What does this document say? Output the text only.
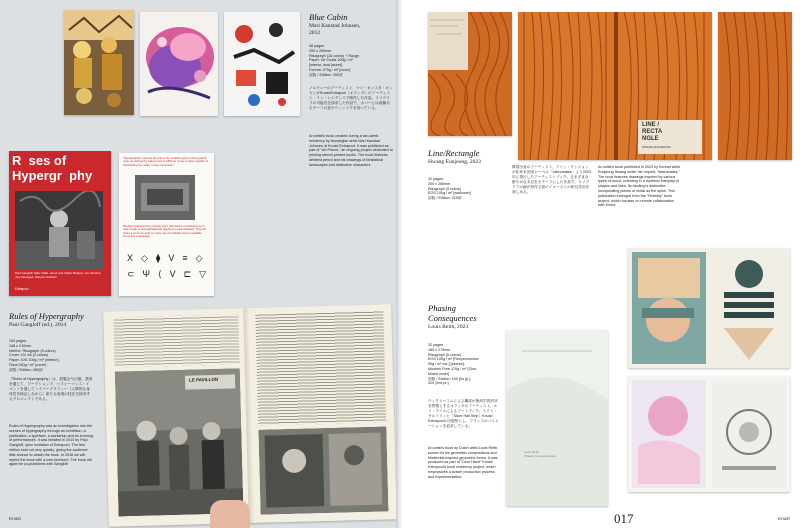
Blue Cabin
Mari Kanstad Johnsen,
2012
48 pages
200 x 260mm
Risograph (16 colors) + Rough
Paper: De Costa 100g / m²
[interior, dust jacket],
Forever 270g / m² [cover]
部数 / Edition: 300部
ノルウェーのアーティスト、マリ・カンスタ・ヨンセンがKnust/Extrapool（オランダ）のアーティスト・イン・レジデンスで制作した作品。リソグラフの可能性を探求した作品で、カバーには複雑なモチーフの窓やウィンドウを用いている。
An artist's book created during a two-week residency by Norwegian artist Mari Kanstad Johnsen at Knust/ Extrapool. It was published as part of "Art Prison," an ongoing project dedicated to printing stencil-printed books. The book features detailed pencil and ink drawings of fantastical landscapes and distinctive characters.
R  ses of
Hypergr  phy
Paul Gangloff, Marc Vallet, Hervé and Virgile Métayer, Yan Teutsch, Joly Planaged, Roberto Gabrielli
Extrapool
"Hypergraphie" was the first name the Lettriste gave to their graphic work, as defined by Isidore Isou in 1950 as "a set of signs capable of transmitting the reality of any expression".
Besides brainstorming existing work, this book's contributors try to write single or dual-alphabetical glyphs to a new standard. They all share a common goal: to make use of readable and unreadable forms into a language.
X  ◇  ⧫  V  ≡  ◇
⊂  Ψ  ⟨  V  ⊏  ▽
Rules of Hypergraphy
Paul Gangloff (ed.), 2014
104 pages
148 x 210mm
Interior: Risograph (5 colors)
Cover: UV ink (2 colors)
Paper: IOS 100g / m² (interior),
Flora 240g / m² (cover)
部数 / Edition: 450部
『Rules of Hypergraphy』は、展覧会や出版、教育を通じて、ワークショップ、パフォーマンス・イベントを通してハイパーグラフィー（人間的な身体性を検証しながら）新たな表現の技法を探求するプロジェクトである。
Rules of Hypergraphy was an investigation into the scenes of hypergraphy through an exhibition, a publication, a typeface, a workshop and an evening of performances. It was initiated in 2013 by Paul Gangloff, upon invitation of Extrapool. The first edition sold out very quickly, giving the audience little chance to obtain the book. In 2016 we will reprint the book with a new foreword. The book will again be co-published with Gangloff.
LE PAVILLON
Knust
LINE /
RECTA
NGLE
HWANG EUNJEONG
Line/Rectangle
Hwang Eunjeong, 2023
32 pages
200 x 260mm
Risograph [3 colors]
EOS 100g / m² [wallcover]
部数 / Edition: 315部
韓国出身のアーティスト、ファン・ウンジョンが私家本出版レーベル「Ideeomates」より2023年に発行したアーティストブック。さまざまな鮮やかな木目をモチーフにした作品で、リソグラフの線が形作る面のイメージとの相互作用を楽しめる。
An artist's book published in 2023 by Korean artist Eunjeong Hwang under her imprint, "ideeomates." The book features drawings inspired by various types of wood, unfolding in a rhythmic interplay of shapes and lines. Its binding is distinctive, incorporating pieces of metal as the spine. This publication emerged from the "Peeldop" book project, which focuses on remote collaboration with Knust.
Phasing
Consequences
Louis Reith, 2023
32 pages
180 x 270mm
Risograph [5 colors]
EOS 100g / m² [Recyconomics
90g / m² etc.] [interior],
Munken Pure 170g / m² [Chur
folded cover]
部数 / Edition: 100 [for jp.],
220 [2nd pr.]
ウィクリースムによる構成が幾何学的形状を特徴とするオランダのアーティスト、ルイ・ライエによるアートブック。スイス・ゼルトリッヒ［Stoer Hall Strip］Knust/ Extrapoolの出版物とし、フランスのバリエーションを追求している。
An artist's book by Dutch artist Louis Reith, known for his geometric compositions and Modernist-inspired geometric forms. It was produced as part of "Door Hand" Knust/ Extrapool's book residency project, which emphasizes a slower production process and experimentation.
Louis Reith
Phasing Consequences
Knust
017
